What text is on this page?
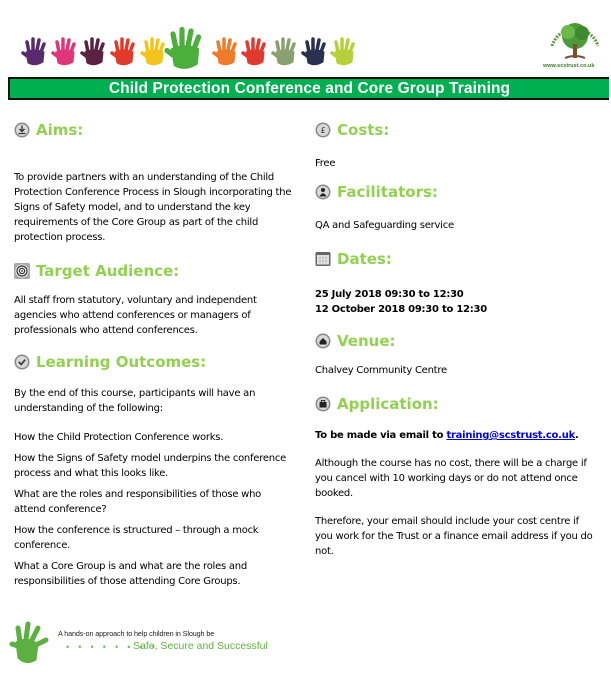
www.scstrust.co.uk
Child Protection Conference and Core Group Training
Aims:
To provide partners with an understanding of the Child
Protection Conference Process in Slough incorporating the
Signs of Safety model, and to understand the key
requirements of the Core Group as part of the child
protection process.
Target Audience:
All staff from statutory, voluntary and independent
agencies who attend conferences or managers of
professionals who attend conferences.
Learning Outcomes:
By the end of this course, participants will have an
understanding of the following:
How the Child Protection Conference works.
How the Signs of Safety model underpins the conference
process and what this looks like.
What are the roles and responsibilities of those who
attend conference?
How the conference is structured – through a mock
conference.
What a Core Group is and what are the roles and
responsibilities of those attending Core Groups.
£ Costs:
Free
Facilitators:
QA and Safeguarding service
Dates:
25 July 2018 09:30 to 12:30
12 October 2018 09:30 to 12:30
Venue:
Chalvey Community Centre
Application:
To be made via email to training@scstrust.co.uk.
Although the course has no cost, there will be a charge if
you cancel with 10 working days or do not attend once
booked.
Therefore, your email should include your cost centre if
you work for the Trust or a finance email address if you do
not.
A hands-on approach to help children in Slough be
• • • • • • • •
Safe, Secure and Successful
